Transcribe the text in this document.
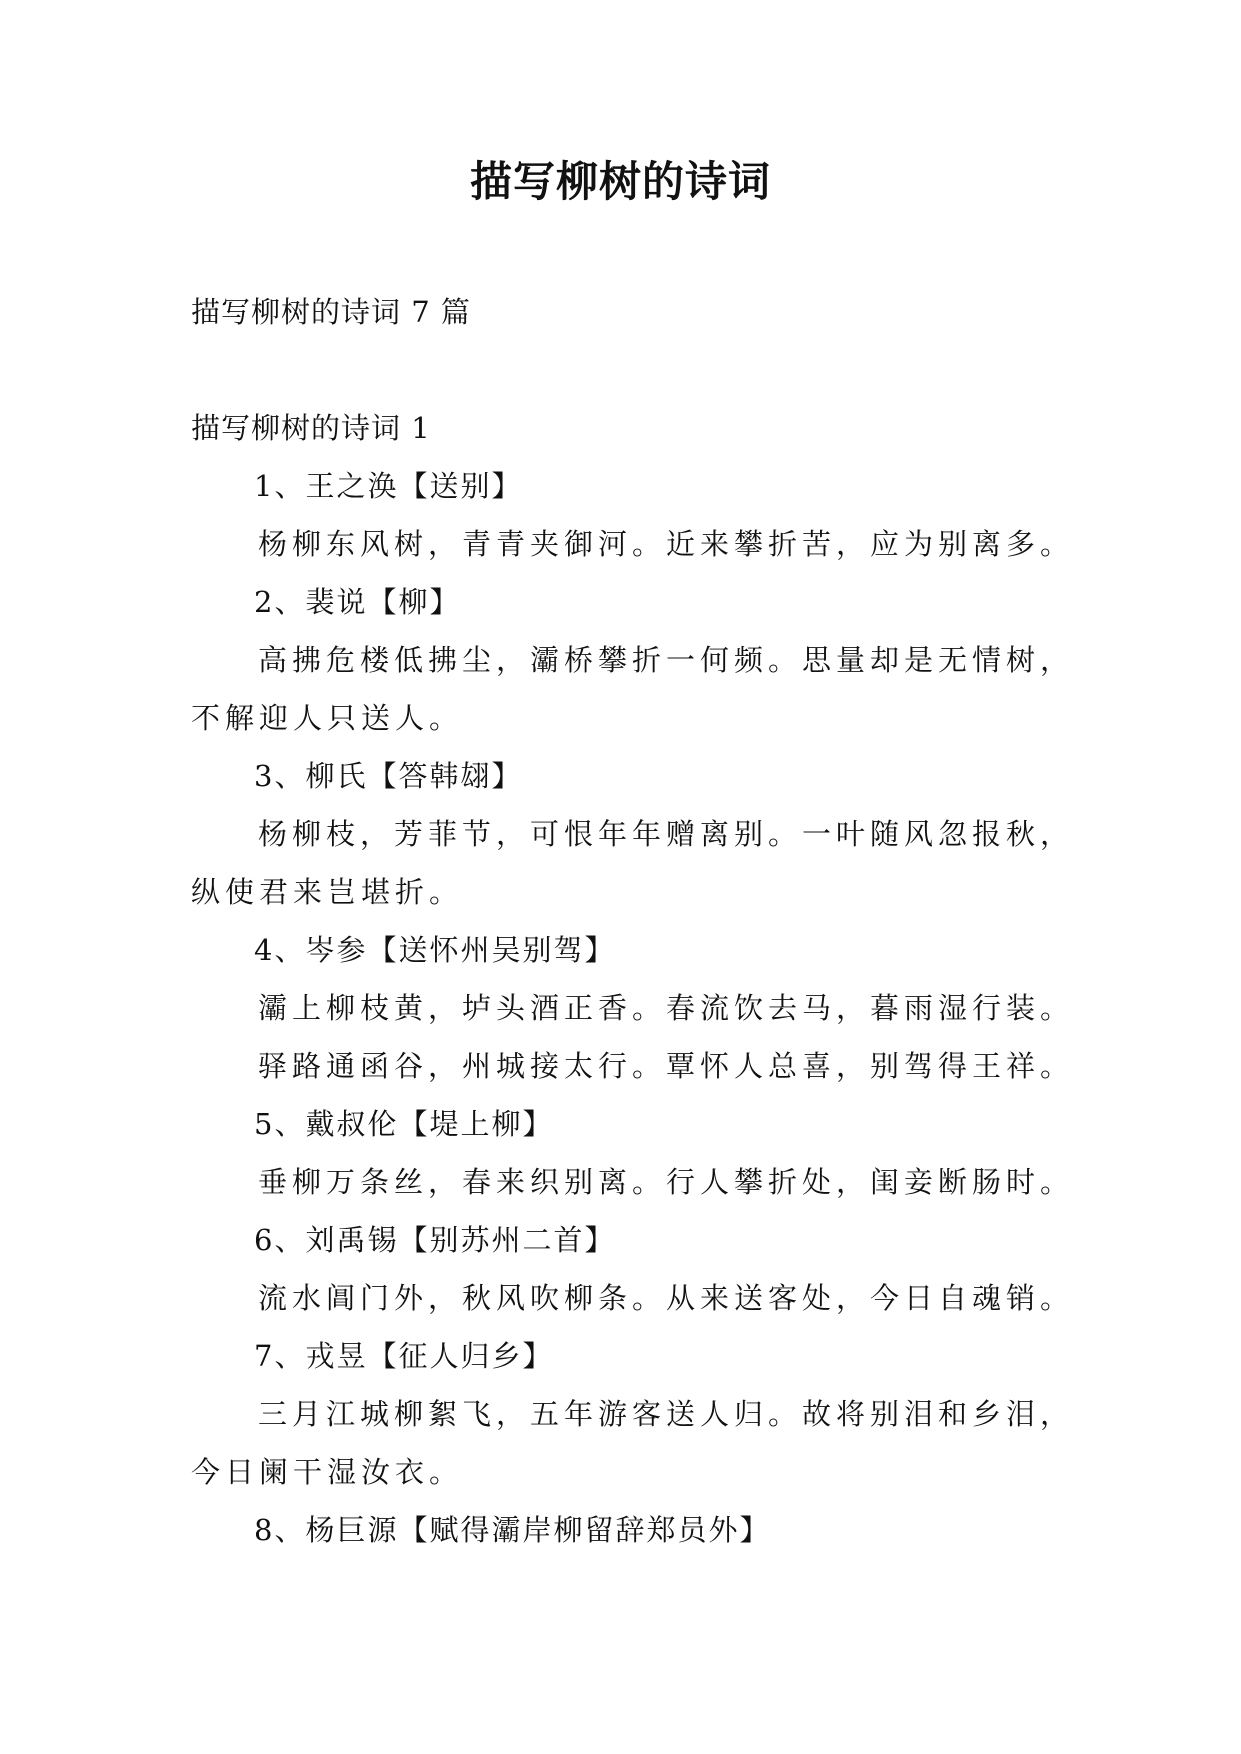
描写柳树的诗词
描写柳树的诗词 7 篇
描写柳树的诗词 1
1、王之涣【送别】
杨柳东风树，青青夹御河。近来攀折苦，应为别离多。
2、裴说【柳】
高拂危楼低拂尘，灞桥攀折一何频。思量却是无情树，
不解迎人只送人。
3、柳氏【答韩翃】
杨柳枝，芳菲节，可恨年年赠离别。一叶随风忽报秋，
纵使君来岂堪折。
4、岑参【送怀州吴别驾】
灞上柳枝黄，垆头酒正香。春流饮去马，暮雨湿行装。
驿路通函谷，州城接太行。覃怀人总喜，别驾得王祥。
5、戴叔伦【堤上柳】
垂柳万条丝，春来织别离。行人攀折处，闺妾断肠时。
6、刘禹锡【别苏州二首】
流水阊门外，秋风吹柳条。从来送客处，今日自魂销。
7、戎昱【征人归乡】
三月江城柳絮飞，五年游客送人归。故将别泪和乡泪，
今日阑干湿汝衣。
8、杨巨源【赋得灞岸柳留辞郑员外】
